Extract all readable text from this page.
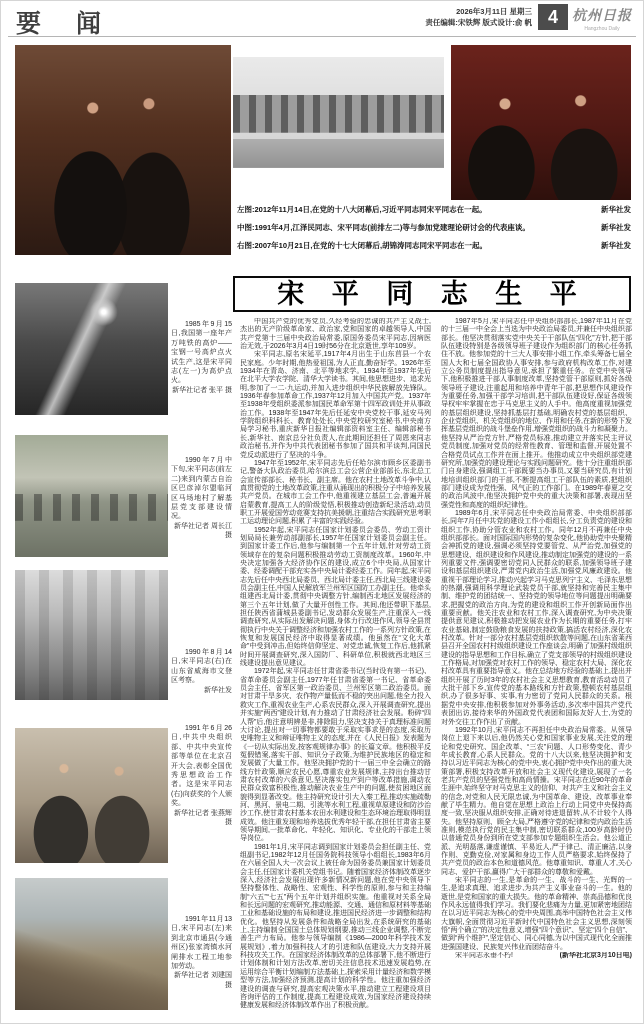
要 闻	2026年3月11日 星期三
责任编辑:宋铁辉 版式设计:俞 帆 4	杭州日报
Hangzhou Daily
左图:2012年11月14日,在党的十八大闭幕后,习近平同志同宋平同志在一起。	新华社发
中图:1991年4月,江泽民同志、宋平同志(前排左二)等与参加党建理论研讨会的代表座谈。	新华社发
右图:2007年10月21日,在党的十七大闭幕后,胡锦涛同志同宋平同志在一起。	新华社发
宋 平 同 志 生 平

1985年9月15日,我国第一座年产万吨铁的高炉——宝钢一号高炉点火试生产,这是宋平同志(左一)为高炉点火。

新华社记者 张平 摄

1990年7月中下旬,宋平同志(前左二)来到内蒙古自治区巴彦淖尔盟临河区马场地村了解基层党支部建设情况。

新华社记者 周长江 摄

1990年8月14日,宋平同志(右)在山东省威海市文登区考察。

新华社发

1991年6月26日,中共中央组织部、中共中央宣传部等单位在北京召开大会,表彰全国优秀思想政治工作者。这是宋平同志(右)向获奖的个人颁奖。

新华社记者 张燕辉 摄

1991年11月13日,宋平同志(左)来到北京市通县(今通州区)张家湾镇水河闸排水工程工地参加劳动。

新华社记者 刘建国 摄

中国共产党的优秀党员,久经考验的忠诚的共产主义战士,杰出的无产阶级革命家、政治家,党和国家的卓越领导人,中国共产党第十三届中央政治局常委,原国务委员宋平同志,因病医治无效,于2026年3月4日19时56分在北京逝世,享年109岁。

宋平同志,原名宋延平,1917年4月出生于山东莒县一个农民家庭。少年时期,他热爱祖国,为人正直,勤奋好学。1926年至1934年在青岛、济南、北平等地求学。1934年至1937年先后在北平大学农学院、清华大学读书。其间,他思想进步、追求光明,参加了一二·九运动,并加入进步组织中华民族解放先锋队。1936年春参加革命工作,1937年12月加入中国共产党。1937年至1938年受组织委派参加国民革命军第十四军政训处并从事政治工作。1938年至1947年先后任延安中央党校干事,延安马列学院组织科科长、教育处处长,中央党校研究室秘书,中央南方局学习秘书,重庆新华日报社编辑部资料室主任、编辑部秘书长,新华社、南京总分社负责人,在此期间还担任了周恩来同志政治秘书,并作为中共代表团秘书参加了国共和平谈判,同国民党反动派进行了坚决的斗争。

1947年至1952年,宋平同志先后任哈尔滨市顾乡区委副书记,警备大队政治委员,哈尔滨总工会公营企业部部长,东北总工会宣传部部长、秘书长、副主席。他在农村土地改革斗争中,认真贯彻党的土地改革政策,注重从涌现出的积极分子中培养发展共产党员。在城市工会工作中,他重视建立基层工会,普遍开展启蒙教育,提高工人的阶级觉悟,积极推动创造新纪录活动,动员职工开展爱国劳动竞赛支持抗美援朝,注重结合实践研究思考职工运动理论问题,积累了丰富的实践经验。

1952年起,宋平同志任国家计划委员会委员、劳动工资计划局局长兼劳动部副部长,1957年任国家计划委员会副主任。到国家计委工作后,他参与编制第一个五年计划,针对劳动工资领域存在的复杂问题积极推动劳动工资制度改革。1960年,中央决定加强各大经济协作区的建设,成立6个中央局,从国家计委、经委调配干部充实各中央局计委经委工作。同年起,宋平同志先后任中央西北局委员、西北局计委主任,西北局三线建设委员会副主任,中国人民解放军兰州军区国防工办副主任。他牵头组建西北局计委,贯彻中央调整方针,编制西北地区发展经济的第三个五年计划,做了大量开创性工作。其间,他还带职下基层,担任陕西省蒲城县委副书记,发动群众发展生产,注重深入一线调查研究,从实际出发解决问题,身体力行改进作风,领导全县贯彻执行中央关于调整经济和加强农村工作的一系列方针政策,在恢复和发展国民经济中取得显著成绩。他虽然在“文化大革命”中受到冲击,但始终信仰坚定、对党忠诚,恢复工作后,他抓紧时间开展调查研究,深入国防厂、科研单位,积极就西北地区三线建设提出意见建议。

1972年起,宋平同志任甘肃省委书记(当时设有第一书记)、省革命委员会副主任,1977年任甘肃省委第一书记、省革命委员会主任、省军区第一政治委员、兰州军区第二政治委员。面对甘肃干旱多灾、农作物产量低而不稳的突出问题,他全力投入救灾工作,重视农业生产,心系农民群众,深入开展调查研究,提出并实施“两西”建设计划,有力推动了甘肃经济社会发展。粉碎“四人帮”后,他注意明辨是非,排除阻力,坚决支持关于真理标准问题大讨论,提出对一切事物都要敢于采取实事求是的态度,采取历史唯物主义和辩证唯物主义的态度,并在《人民日报》发表题为《一切从实际出发,按客观规律办事》的长篇文章。他积极平反冤假错案,落实干部、知识分子政策,为维护民族地区的稳定和发展做了大量工作。他坚决拥护党的十一届三中全会确立的路线方针政策,顺应农民心愿,尊重农业发展规律,主持出台推动甘肃农村改革的六条意见,坚决落实包产到户等改革措施,调动农民群众致富积极性,推动解决农业生产中的问题,使贫困地区面貌得到显著改变。他主持研究设计引大入秦工程,推动实施疏勒河、黑河、景电二期、引洮等水利工程,重视草原建设和防沙治沙工作,使甘肃农村基本农田水利建设和生态环境治理取得明显成效。他注重发现和培养选拔优秀年轻干部,在担任甘肃省主要领导期间,一批革命化、年轻化、知识化、专业化的干部走上领导岗位。

1981年1月,宋平同志调到国家计划委员会担任副主任、党组副书记,1982年12月任国务院科技领导小组组长,1983年6月在六届全国人大一次会议上被任命为国务委员兼国家计划委员会主任,任国家计委机关党组书记。随着国家经济体制改革逐步深入,经济社会发展出现许多新情况新问题,他在党中央领导下坚持整体性、战略性、宏观性、科学性的原则,参与和主持编制“六五”“七五”两个五年计划并组织实施。他重视对关系全局和长远问题的宏观研究,推动能源、交通、通信和原材料等基础工业和基础设施的布局和建设,推进国民经济进一步调整和结构优化。他坚持从发展条件和战略全局出发,在系统研究的基础上,主持编制全国国土总体规划纲要,推动三线企业调整,不断完善生产力布局。他参与领导编制《1986—2000年科学技术发展规划》,着力加强科技人才的引进和队伍建设,大力支持开展科技攻关工作。在国家经济体制改革的总体部署下,他不断进行计划体制和计划方法改革,密切关注信息技术迅速发展趋势,在运用综合平衡计划编制方法基础上,探索采用计量经济和数学模型等方法,加强经济预测,提高计划的科学性。他注重加强经济建设的调查与研究,提高宏观决策水平,推动建立工程建设项目咨询评估的工作制度,提高工程建设成效,为国家经济建设持续健康发展和经济体制改革作出了积极贡献。

1987年5月,宋平同志任中央组织部部长,1987年11月在党的十三届一中全会上当选为中央政治局委员,并兼任中央组织部部长。他坚决贯彻落实党中央关于干部队伍“四化”方针,把干部队伍建设特别是各级领导班子建设作为组织部门的核心任务抓住不放。他参加党的十三大人事安排小组工作,牵头筹备七届全国人大和七届全国政协人事安排,参与政府机构改革工作,对建立公务员制度提出指导意见,承担了繁重任务。在党中央领导下,他积极推进干部人事制度改革,坚持党管干部原则,抓好各级领导班子建设,注重起用和培养中青年干部,把思想作风建设作为重要任务,加强干部学习培训,把干部队伍建设好,保证各级领导权牢牢掌握在忠于马克思主义的人手中。他高度重视加强党的基层组织建设,坚持抓基层打基础,明确农村党的基层组织、企业党组织、机关党组织的地位、作用和任务,在新的形势下发挥基层党组织的战斗堡垒作用,增强党组织的战斗力和凝聚力。他坚持从严治党方针,严格党员标准,推动建立并落实民主评议党员制度,加强对党员的经常性教育、管理和监督,开展处置不合格党员试点工作并在面上推开。他推动成立中央组织部党建研究所,加强党的建设理论与实践问题研究。他十分注重组织部门自身建设,强调组工干部既要当办事员,又要当研究员,有计划地培训组织部门的干部,不断提高组工干部队伍的素质,把组织部门建设成为党性强、风气正的工作部门。在1989年春夏之交的政治风波中,他坚决拥护党中央的重大决策和部署,表现出坚强党性和高度的组织纪律性。

1989年6月,宋平同志任中央政治局常委、中央组织部部长,同年7月任中共党的建设工作小组组长,分工负责党的建设和组织工作,协助分管农业和农村工作。同年12月不再兼任中央组织部部长。面对国际国内形势的复杂变化,他协助党中央聚精会神抓党的建设,强调必须坚持党要管党、从严治党,加强党的思想建设、组织建设和作风建设,推动制定加强党的建设的一系列重要文件,强调要密切党同人民群众的联系,加强领导班子建设和基层组织建设,严肃党内政治生活,加强党风廉政建设。他重视干部理论学习,推动兴起学习马克思列宁主义、毛泽东思想的热潮,强调用科学理论武装党员干部,就坚持和完善民主集中制、维护党的团结统一、坚持党的领导地位等问题提出明确要求,把握党的政治方向,为党的建设和组织工作开创新局面作出重要贡献。他关注农业和农村工作,深入调查研究,为中央决策提供意见建议,积极推动把发展农业作为长期的重要任务,打牢农业基础,制定鼓励粮食发展的扶持政策,搞活农村经济,深化农村改革。针对一部分农村基层党组织软散等问题,在山东省莱西县召开全国农村村级组织建设工作座谈会,明确了加强村级组织建设的指导思想和工作目标,确立了党支部领导的村级组织建设工作格局,对加强党对农村工作的领导、稳定农村大局、深化农村改革具有重要指导意义。他在总结地方经验的基础上,提出并组织开展了历时3年的农村社会主义思想教育,教育活动动员了大批干部下乡,宣传党的基本路线和方针政策,整顿农村基层组织,办了很多好事、实事,有力密切了党同人民群众的关系。根据党中央安排,他积极参加对外事务活动,多次率中国共产党代表团出访,接待来华的外国政党代表团和国际友好人士,为党的对外交往工作作出了贡献。

1992年10月,宋平同志不再担任中央政治局常委。从领导岗位上退下来以后,他仍然关心党和国家事业发展,关注党的理论和党史研究、国企改革、“三农”问题、人口形势变化、青少年成长教育,心系人民群众。党的十八大以来,他坚决拥护和支持以习近平同志为核心的党中央,衷心拥护党中央作出的重大决策部署,积极支持改革开放和社会主义现代化建设,展现了一名老共产党员的坚强党性和高尚情操。宋平同志在近90年的革命生涯中,始终坚守对马克思主义的信仰、对共产主义和社会主义的信念,对党和人民无限忠诚,为中国革命、建设、改革事业奉献了毕生精力。他自觉在思想上政治上行动上同党中央保持高度一致,坚决服从组织安排,正确对待进退留转,从不计较个人得失。他坚持原则、顾全大局,严格遵守党的纪律和党内政治生活准则,模范执行党的民主集中制,密切联系群众,100岁高龄时仍以普通党员身份到所在党支部参加专题组织生活会。他公道正派、光明磊落,谦虚谨慎、平易近人,严于律己、清正廉洁,以身作则、克勤克俭,对家属和身边工作人员严格要求,始终保持了共产党员的政治本色和道德风范。他尊重知识、尊重人才,关心同志、爱护干部,赢得广大干部群众的尊敬和爱戴。

宋平同志的一生,是革命的一生、战斗的一生、光辉的一生,是追求真理、追求进步,为共产主义事业奋斗的一生。他的逝世,是党和国家的重大损失。他的革命精神、崇高品德和优良作风永远值得我们学习。我们要化悲痛为力量,更加紧密地团结在以习近平同志为核心的党中央周围,高举中国特色社会主义伟大旗帜,全面贯彻习近平新时代中国特色社会主义思想,深刻领悟“两个确立”的决定性意义,增强“四个意识”、坚定“四个自信”、做到“两个维护”,坚定信心、同心同德,为以中国式现代化全面推进强国建设、民族复兴伟业而团结奋斗。

(新华社北京3月10日电)
宋平同志永垂不朽!
